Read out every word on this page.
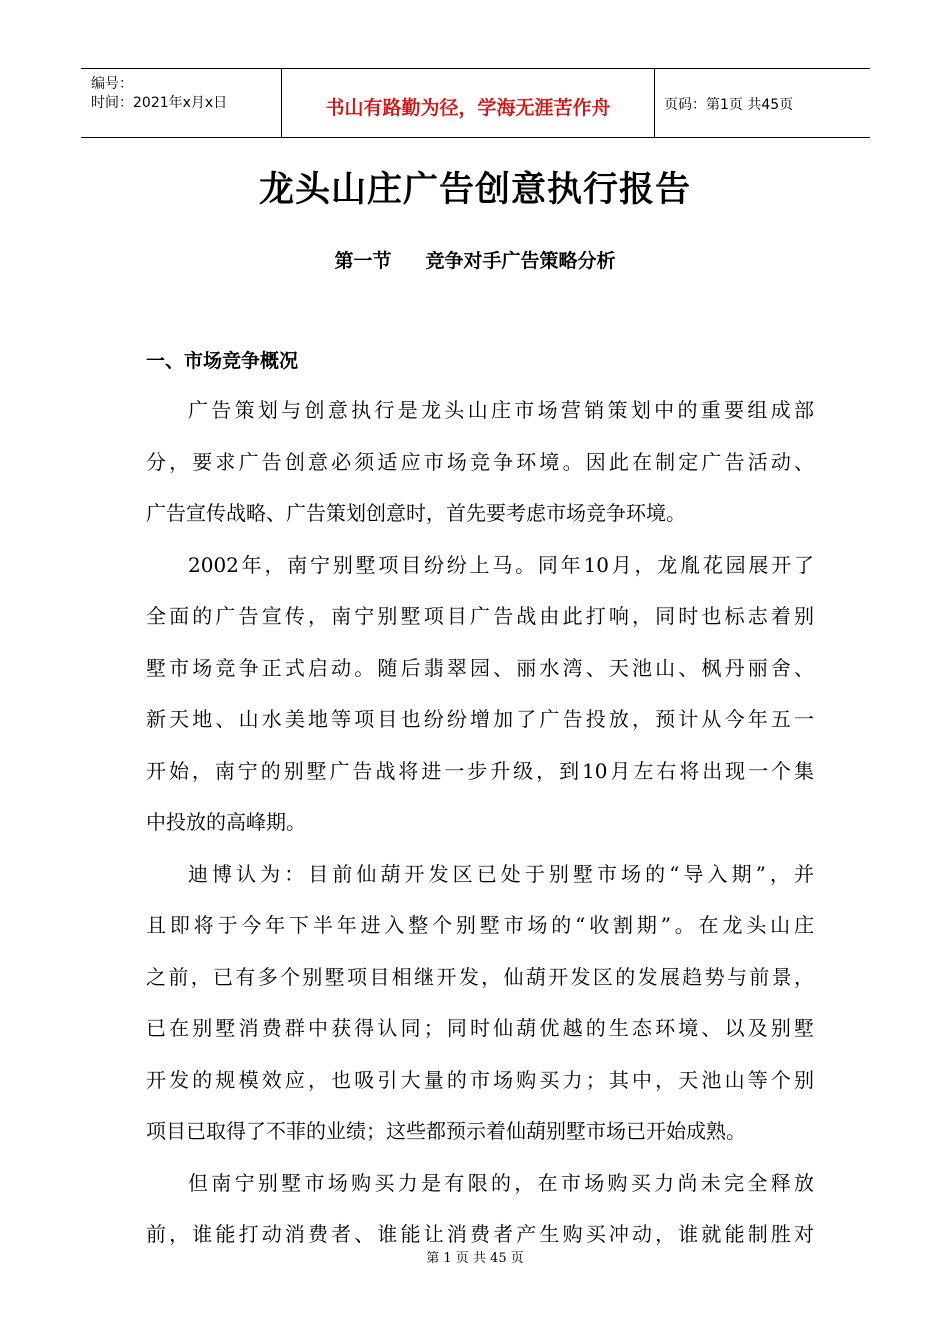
编号：
时间：2021年x月x日	书山有路勤为径，学海无涯苦作舟	页码：第1页 共45页
龙头山庄广告创意执行报告
第一节 竞争对手广告策略分析
一、市场竞争概况
广告策划与创意执行是龙头山庄市场营销策划中的重要组成部
分，要求广告创意必须适应市场竞争环境。因此在制定广告活动、
广告宣传战略、广告策划创意时，首先要考虑市场竞争环境。
2002年，南宁别墅项目纷纷上马。同年10月，龙胤花园展开了
全面的广告宣传，南宁别墅项目广告战由此打响，同时也标志着别
墅市场竞争正式启动。随后翡翠园、丽水湾、天池山、枫丹丽舍、
新天地、山水美地等项目也纷纷增加了广告投放，预计从今年五一
开始，南宁的别墅广告战将进一步升级，到10月左右将出现一个集
中投放的高峰期。
迪博认为：目前仙葫开发区已处于别墅市场的“导入期”，并
且即将于今年下半年进入整个别墅市场的“收割期”。在龙头山庄
之前，已有多个别墅项目相继开发，仙葫开发区的发展趋势与前景，
已在别墅消费群中获得认同；同时仙葫优越的生态环境、以及别墅
开发的规模效应，也吸引大量的市场购买力；其中，天池山等个别
项目已取得了不菲的业绩；这些都预示着仙葫别墅市场已开始成熟。
但南宁别墅市场购买力是有限的，在市场购买力尚未完全释放
前，谁能打动消费者、谁能让消费者产生购买冲动，谁就能制胜对
第 1 页 共 45 页
